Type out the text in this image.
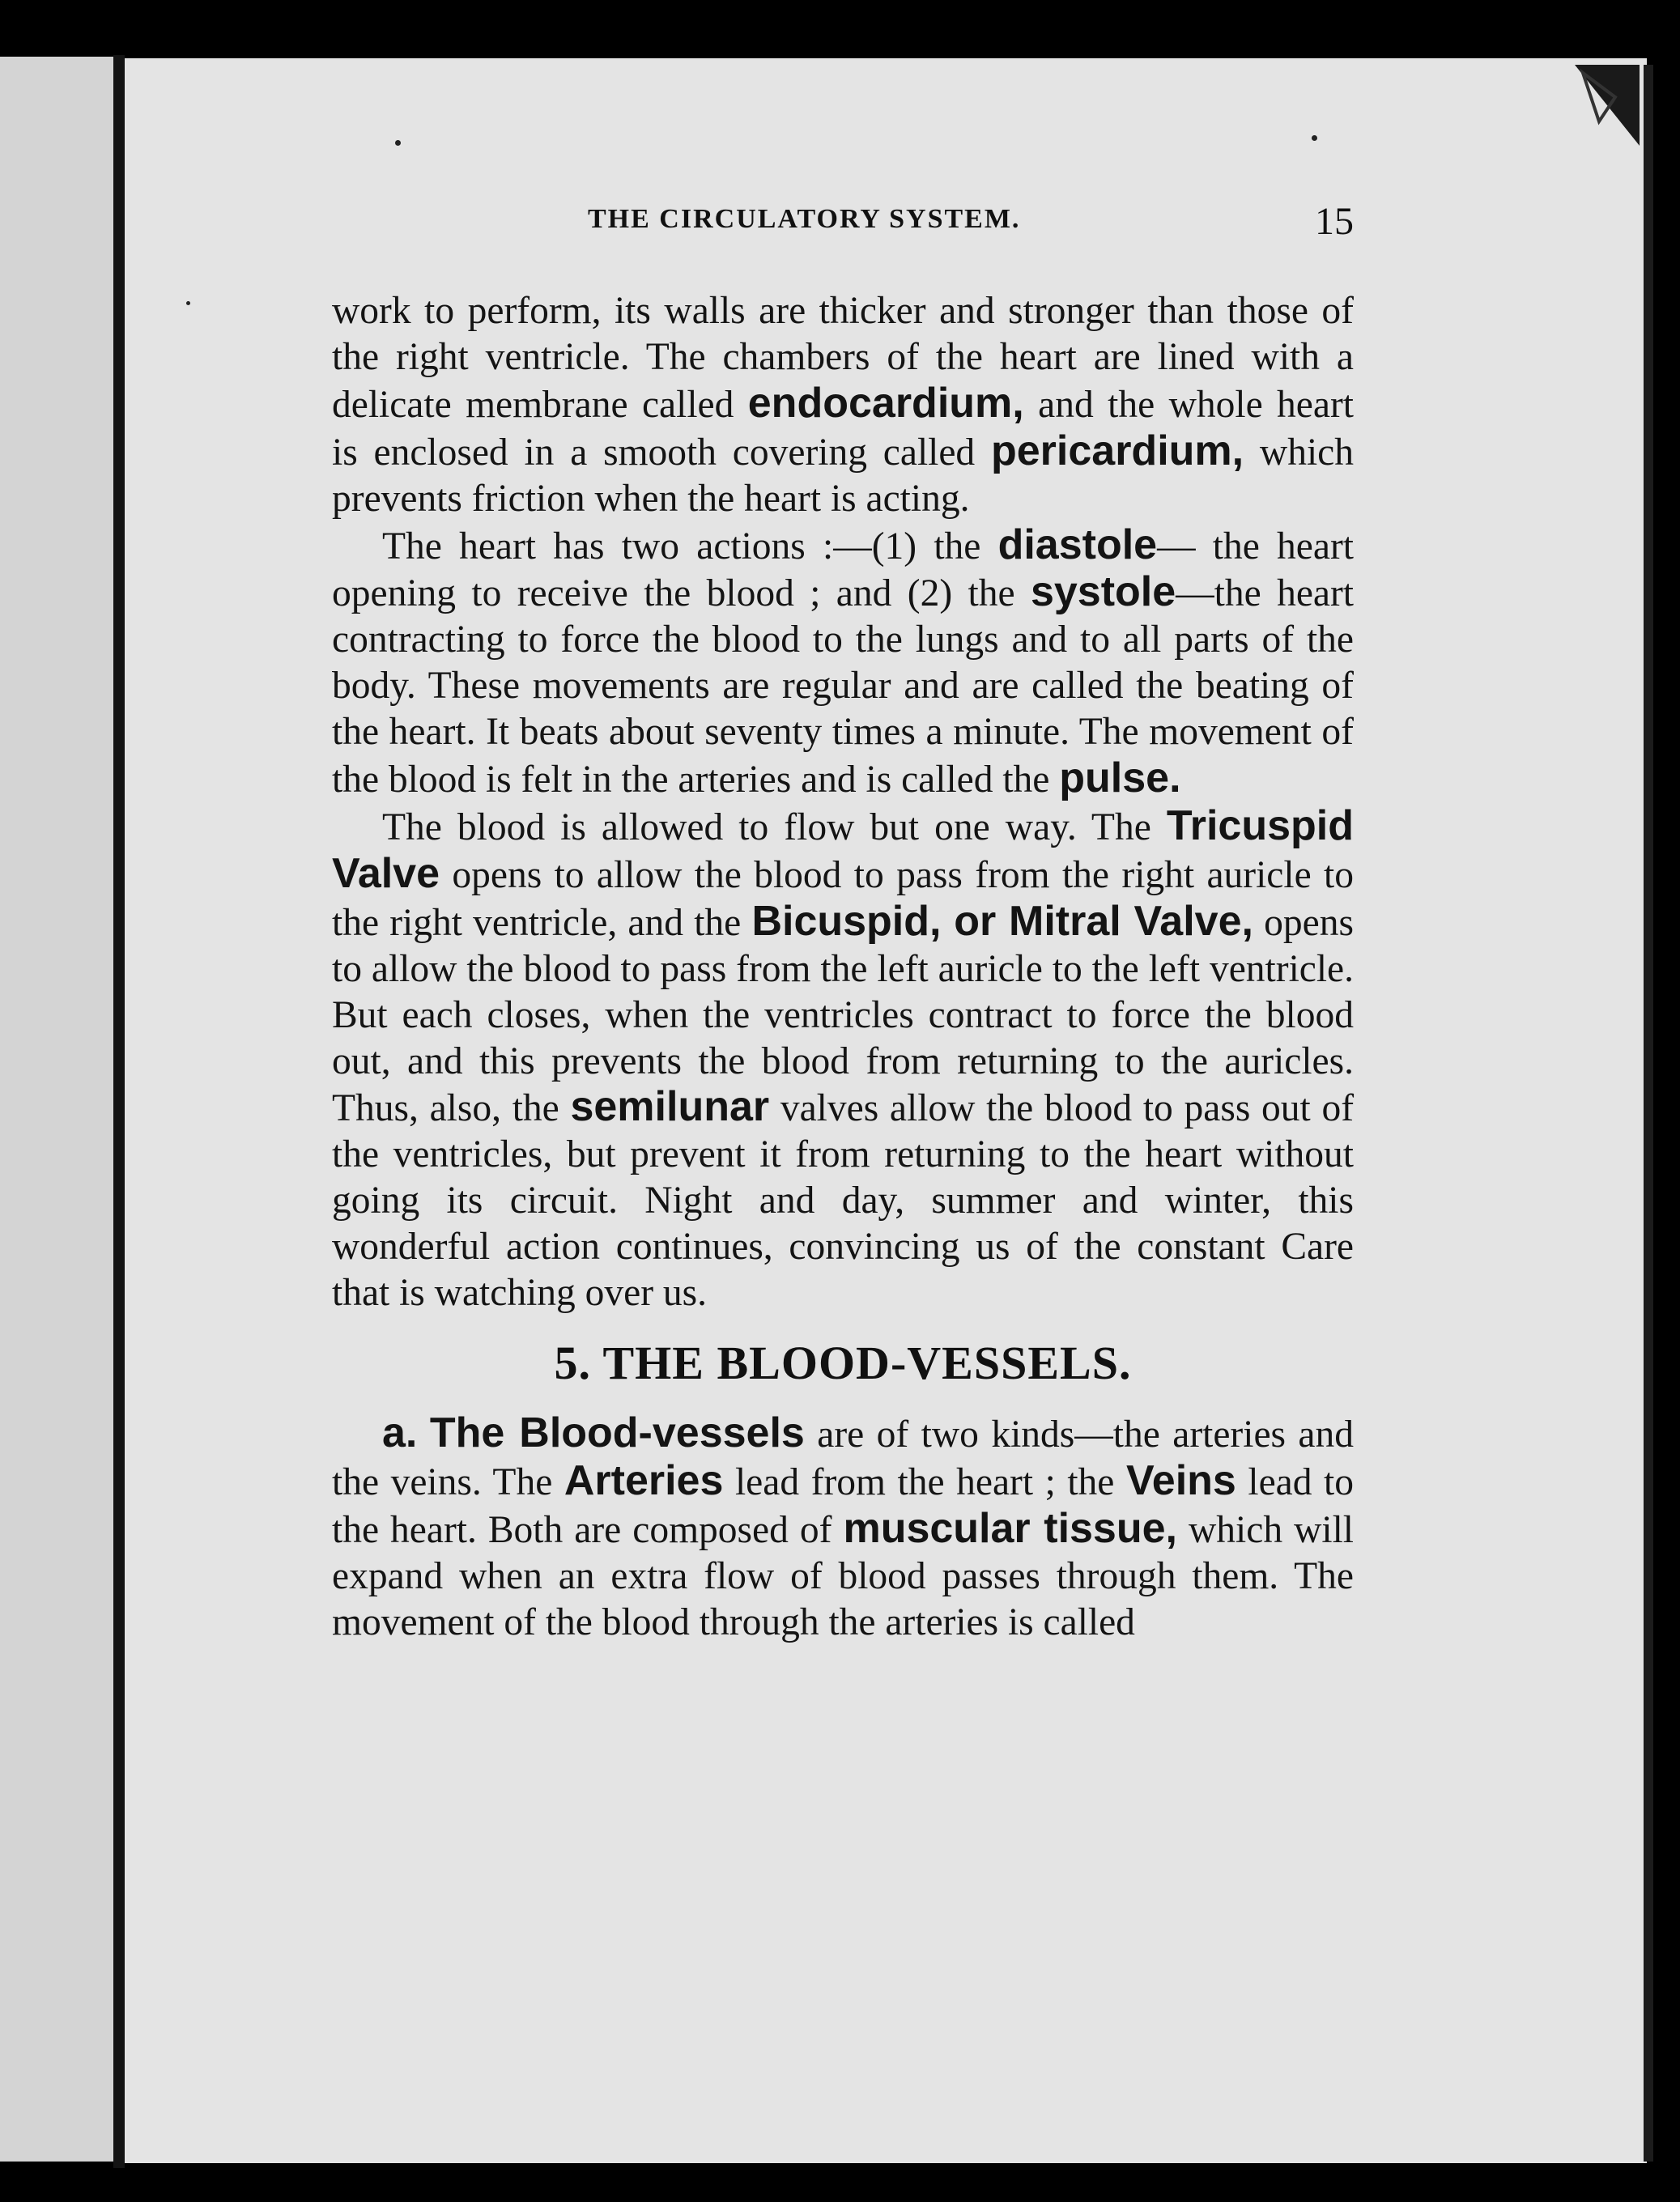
THE CIRCULATORY SYSTEM.	15

work to perform, its walls are thicker and stronger than those of the right ventricle. The chambers of the heart are lined with a delicate membrane called endocardium, and the whole heart is enclosed in a smooth covering called pericardium, which prevents friction when the heart is acting.

The heart has two actions :—(1) the diastole— the heart opening to receive the blood ; and (2) the systole—the heart contracting to force the blood to the lungs and to all parts of the body. These movements are regular and are called the beating of the heart. It beats about seventy times a minute. The movement of the blood is felt in the arteries and is called the pulse.

The blood is allowed to flow but one way. The Tricuspid Valve opens to allow the blood to pass from the right auricle to the right ventricle, and the Bicuspid, or Mitral Valve, opens to allow the blood to pass from the left auricle to the left ventricle. But each closes, when the ventricles contract to force the blood out, and this prevents the blood from returning to the auricles. Thus, also, the semilunar valves allow the blood to pass out of the ventricles, but prevent it from returning to the heart without going its circuit. Night and day, summer and winter, this wonderful action continues, convincing us of the constant Care that is watching over us.

5. THE BLOOD-VESSELS.

a. The Blood-vessels are of two kinds—the arteries and the veins. The Arteries lead from the heart ; the Veins lead to the heart. Both are composed of muscular tissue, which will expand when an extra flow of blood passes through them. The movement of the blood through the arteries is called
